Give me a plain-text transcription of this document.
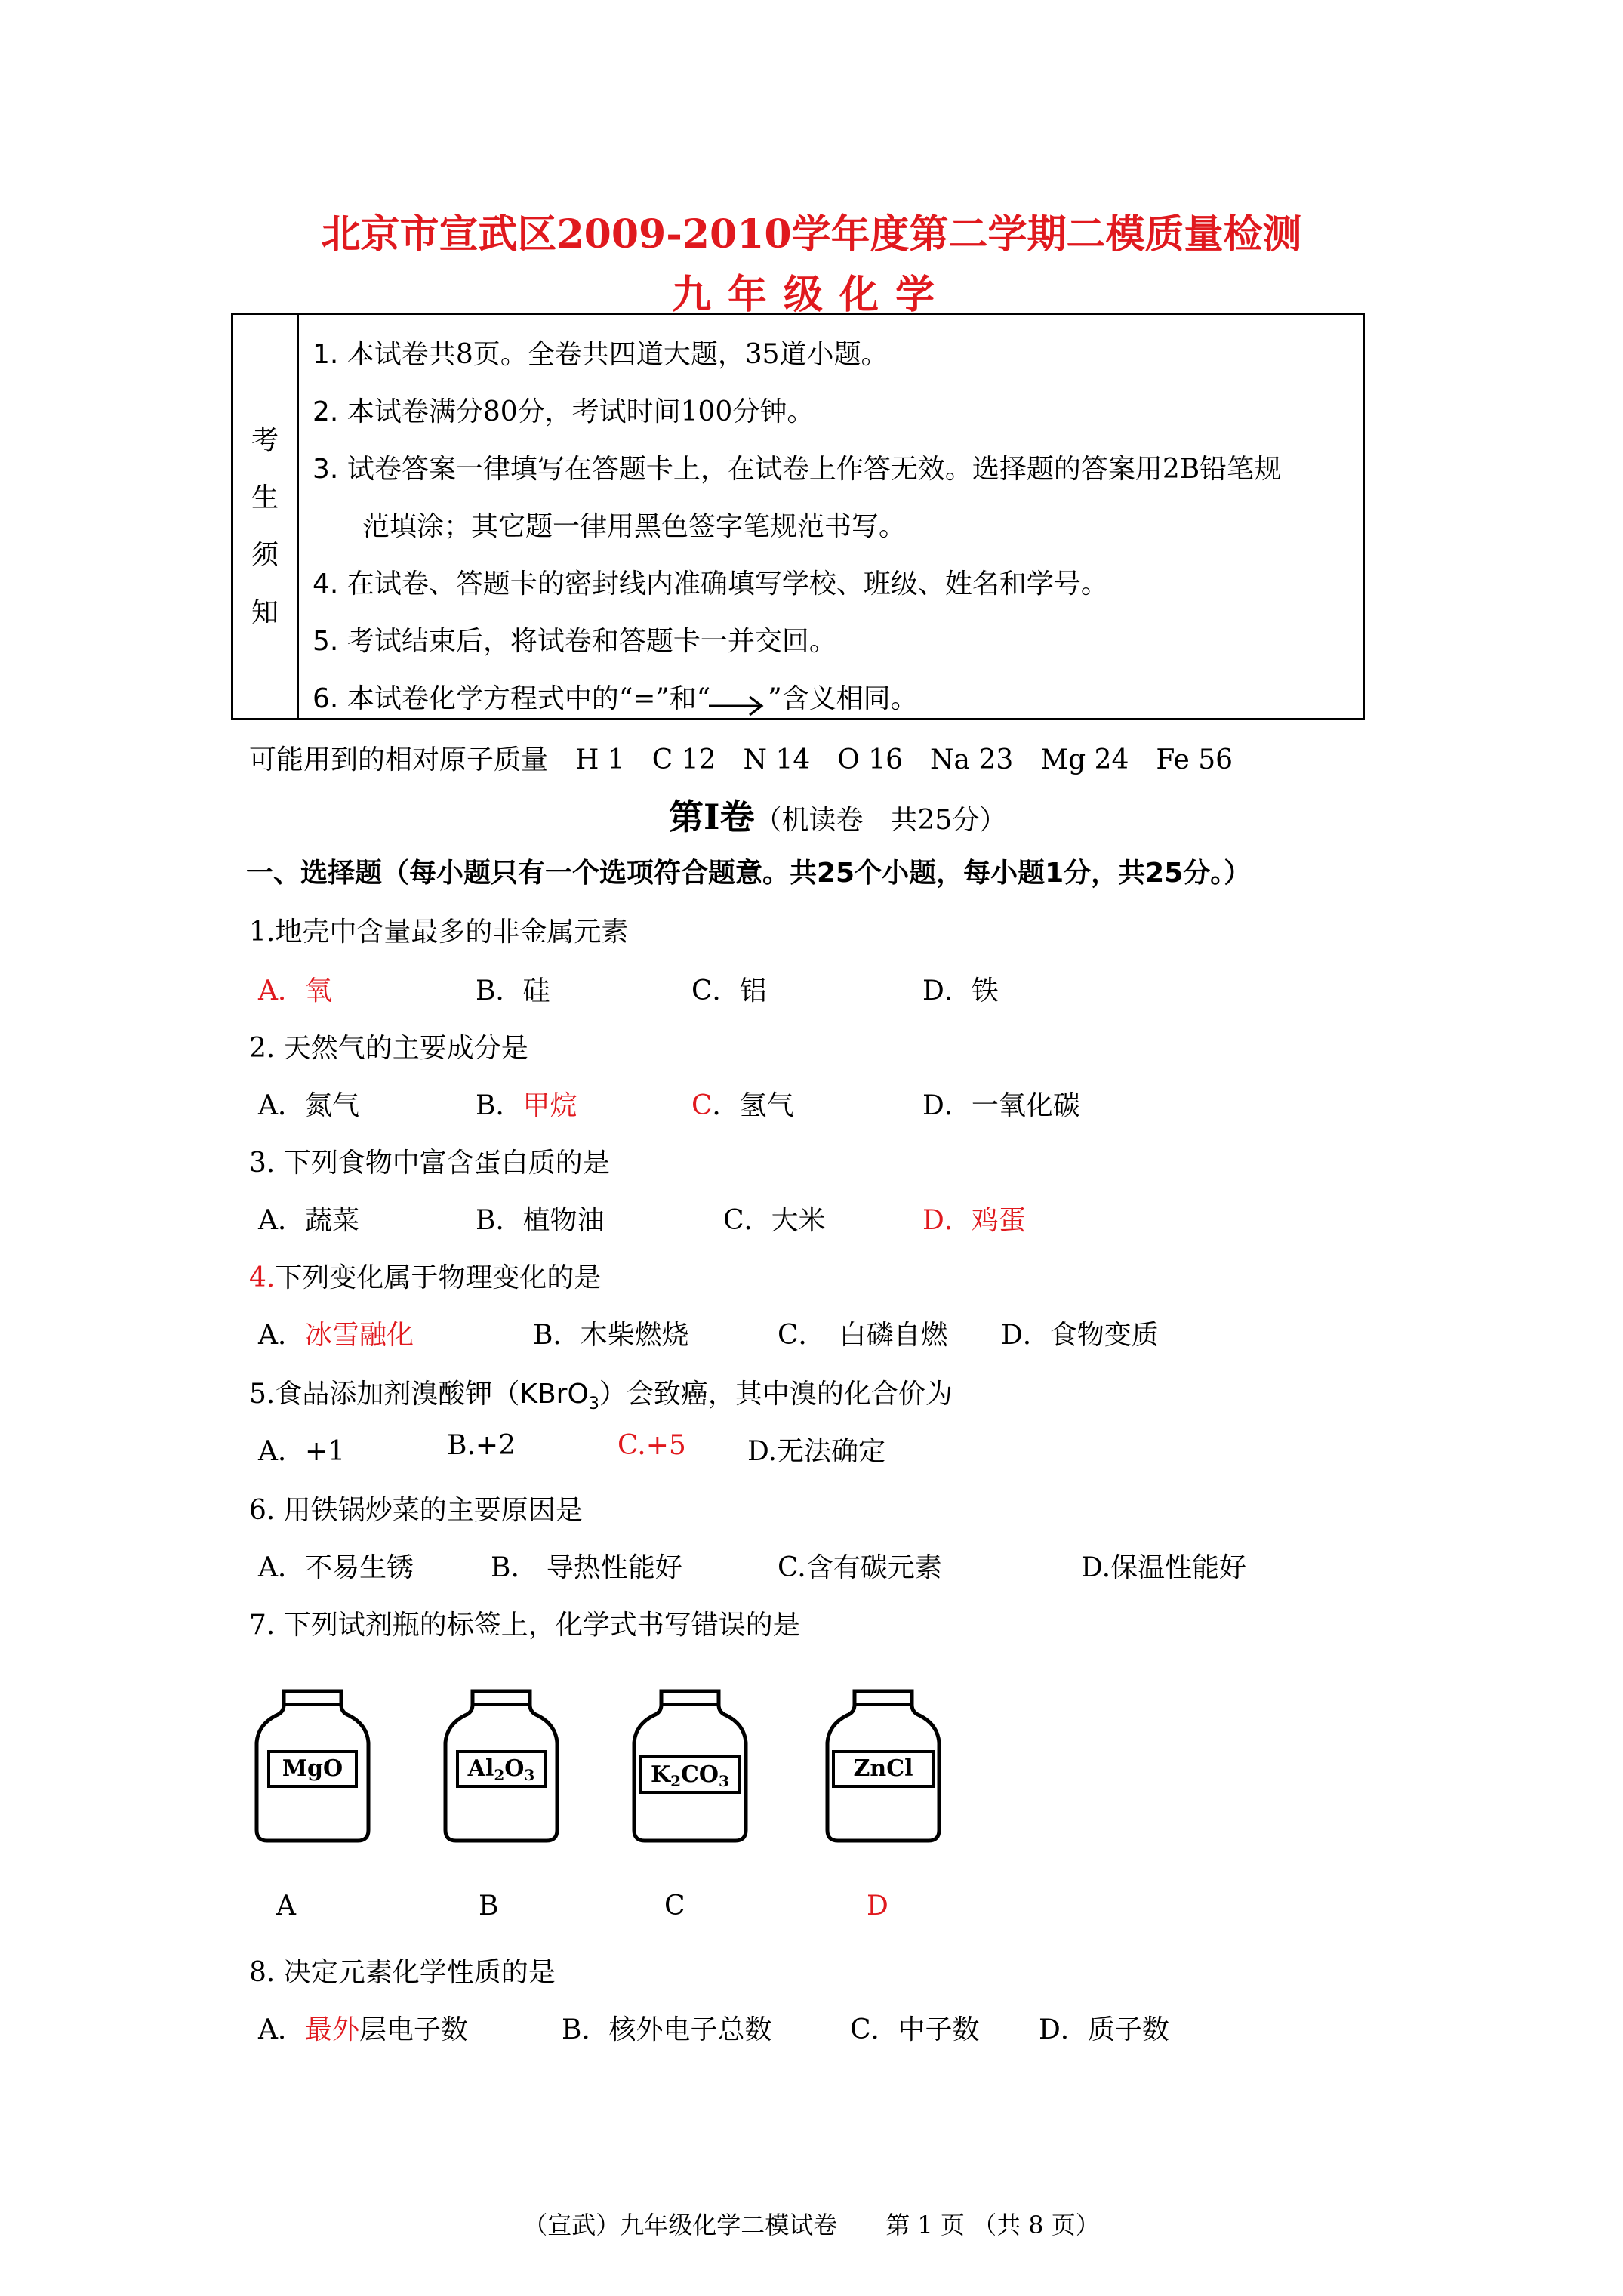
北京市宣武区2009-2010学年度第二学期二模质量检测
九年级化学
考
生
须
知
1. 本试卷共8页。全卷共四道大题，35道小题。
2. 本试卷满分80分，考试时间100分钟。
3. 试卷答案一律填写在答题卡上，在试卷上作答无效。选择题的答案用2B铅笔规
范填涂；其它题一律用黑色签字笔规范书写。
4. 在试卷、答题卡的密封线内准确填写学校、班级、姓名和学号。
5. 考试结束后，将试卷和答题卡一并交回。
6. 本试卷化学方程式中的“=”和“ ”含义相同。
可能用到的相对原子质量　H 1　C 12　N 14　O 16　Na 23　Mg 24　Fe 56
第Ⅰ卷（机读卷　共25分）
一、选择题（每小题只有一个选项符合题意。共25个小题，每小题1分，共25分。）
1.地壳中含量最多的非金属元素
A．氧	B．硅	C．铝	D．铁
2. 天然气的主要成分是
A．氮气	B．甲烷	C．氢气	D．一氧化碳
3. 下列食物中富含蛋白质的是
A．蔬菜	B．植物油	C．大米	D．鸡蛋
4.下列变化属于物理变化的是
A．冰雪融化	B．木柴燃烧	C．　白磷自燃 D．食物变质
5.食品添加剂溴酸钾（KBrO$_3$）会致癌，其中溴的化合价为
A．+1	B.+2	C.+5 D.无法确定
6. 用铁锅炒菜的主要原因是
A．不易生锈	B.　导热性能好	C.含有碳元素	D.保温性能好
7. 下列试剂瓶的标签上，化学式书写错误的是
MgO	$Al_2O_3$	$K_2CO_3$	ZnCl
A	B	C	D
8. 决定元素化学性质的是
A．最外层电子数	B．核外电子总数	C．中子数 D．质子数
（宣武）九年级化学二模试卷　　第 1 页 （共 8 页）
